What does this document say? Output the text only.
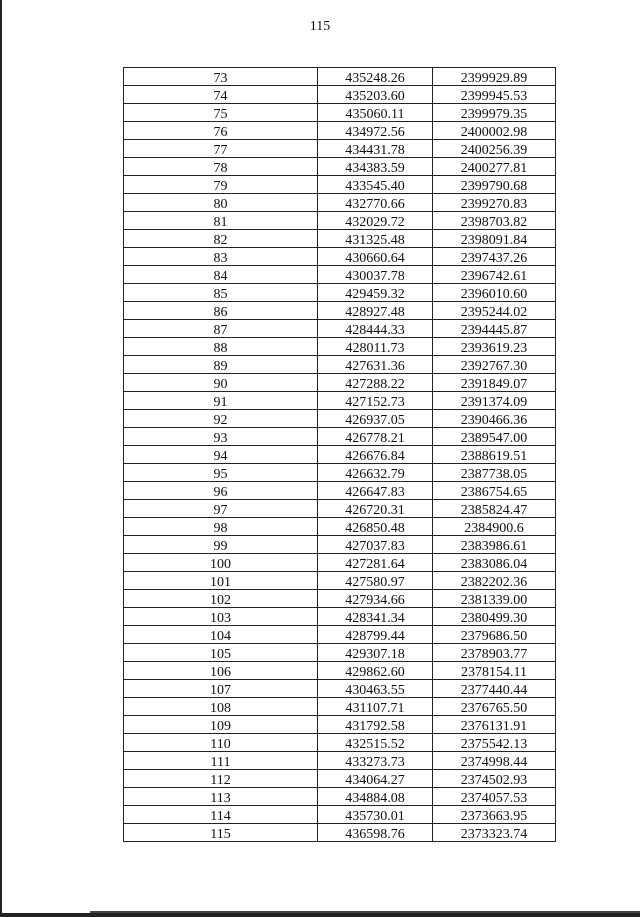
115
73	435248.26	2399929.89
74	435203.60	2399945.53
75	435060.11	2399979.35
76	434972.56	2400002.98
77	434431.78	2400256.39
78	434383.59	2400277.81
79	433545.40	2399790.68
80	432770.66	2399270.83
81	432029.72	2398703.82
82	431325.48	2398091.84
83	430660.64	2397437.26
84	430037.78	2396742.61
85	429459.32	2396010.60
86	428927.48	2395244.02
87	428444.33	2394445.87
88	428011.73	2393619.23
89	427631.36	2392767.30
90	427288.22	2391849.07
91	427152.73	2391374.09
92	426937.05	2390466.36
93	426778.21	2389547.00
94	426676.84	2388619.51
95	426632.79	2387738.05
96	426647.83	2386754.65
97	426720.31	2385824.47
98	426850.48	2384900.6
99	427037.83	2383986.61
100	427281.64	2383086.04
101	427580.97	2382202.36
102	427934.66	2381339.00
103	428341.34	2380499.30
104	428799.44	2379686.50
105	429307.18	2378903.77
106	429862.60	2378154.11
107	430463.55	2377440.44
108	431107.71	2376765.50
109	431792.58	2376131.91
110	432515.52	2375542.13
111	433273.73	2374998.44
112	434064.27	2374502.93
113	434884.08	2374057.53
114	435730.01	2373663.95
115	436598.76	2373323.74
